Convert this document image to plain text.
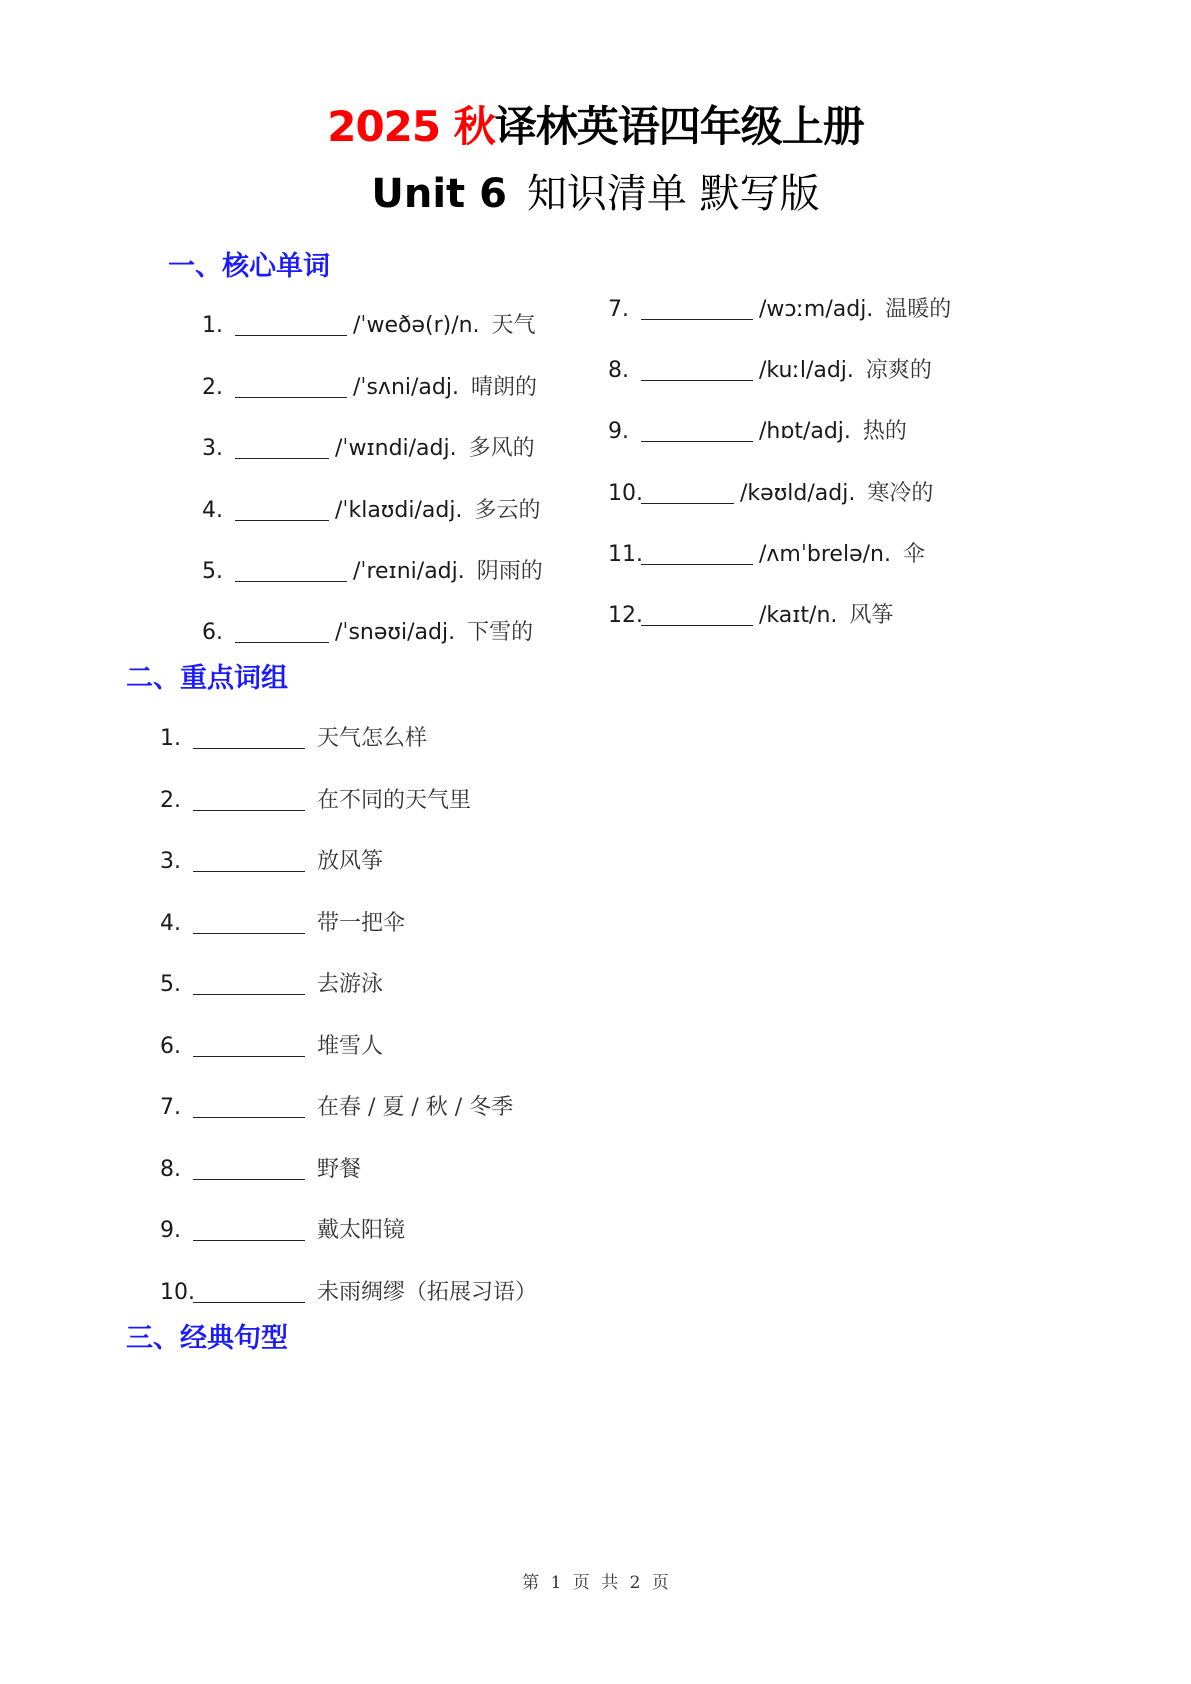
2025 秋译林英语四年级上册
Unit 6 知识清单 默写版
一、核心单词
1.	/ˈweðə(r)/n. 天气
2.	/ˈsʌni/adj. 晴朗的
3.	/ˈwɪndi/adj. 多风的
4.	/ˈklaʊdi/adj. 多云的
5.	/ˈreɪni/adj. 阴雨的
6.	/ˈsnəʊi/adj. 下雪的
7.	/wɔːm/adj. 温暖的
8.	/kuːl/adj. 凉爽的
9.	/hɒt/adj. 热的
10.	/kəʊld/adj. 寒冷的
11.	/ʌmˈbrelə/n. 伞
12.	/kaɪt/n. 风筝
二、重点词组
1.	天气怎么样
2.	在不同的天气里
3.	放风筝
4.	带一把伞
5.	去游泳
6.	堆雪人
7.	在春 / 夏 / 秋 / 冬季
8.	野餐
9.	戴太阳镜
10.	未雨绸缪（拓展习语）
三、经典句型
第 1 页 共 2 页
